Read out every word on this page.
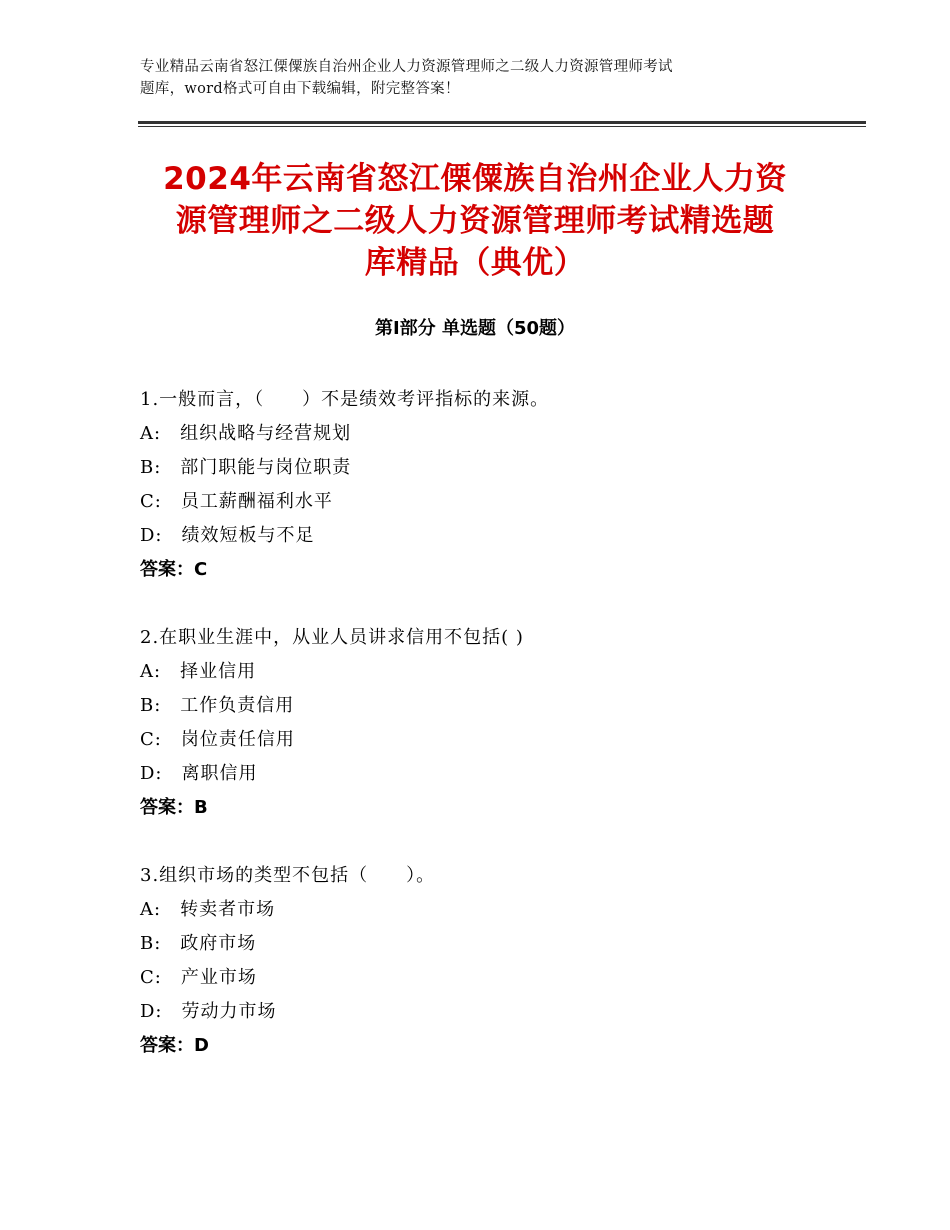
专业精品云南省怒江傈僳族自治州企业人力资源管理师之二级人力资源管理师考试
题库，word格式可自由下载编辑，附完整答案！
2024年云南省怒江傈僳族自治州企业人力资
源管理师之二级人力资源管理师考试精选题
库精品（典优）
第Ⅰ部分 单选题（50题）
1.一般而言，（　　）不是绩效考评指标的来源。
A:　组织战略与经营规划
B:　部门职能与岗位职责
C:　员工薪酬福利水平
D:　绩效短板与不足
答案：C
2.在职业生涯中，从业人员讲求信用不包括( )
A:　择业信用
B:　工作负责信用
C:　岗位责任信用
D:　离职信用
答案：B
3.组织市场的类型不包括（　　）。
A:　转卖者市场
B:　政府市场
C:　产业市场
D:　劳动力市场
答案：D
